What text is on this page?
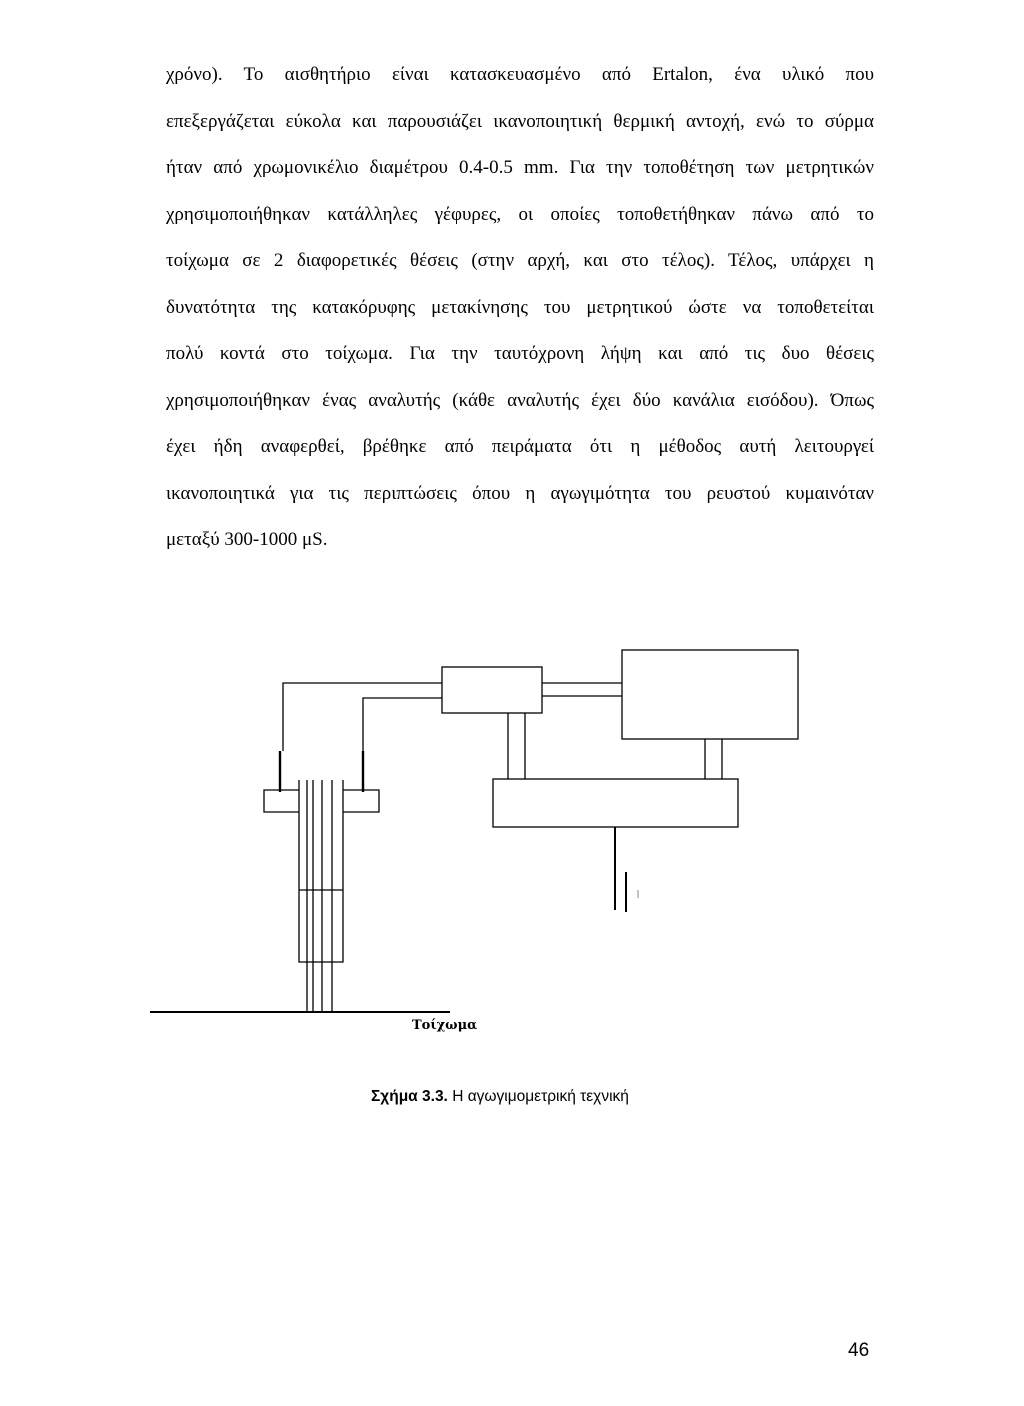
χρόνο). Το αισθητήριο είναι κατασκευασμένο από Ertalon, ένα υλικό που
επεξεργάζεται εύκολα και παρουσιάζει ικανοποιητική θερμική αντοχή, ενώ το σύρμα
ήταν από χρωμονικέλιο διαμέτρου 0.4-0.5 mm. Για την τοποθέτηση των μετρητικών
χρησιμοποιήθηκαν κατάλληλες γέφυρες, οι οποίες τοποθετήθηκαν πάνω από το
τοίχωμα σε 2 διαφορετικές θέσεις (στην αρχή, και στο τέλος). Τέλος, υπάρχει η
δυνατότητα της κατακόρυφης μετακίνησης του μετρητικού ώστε να τοποθετείται
πολύ κοντά στο τοίχωμα. Για την ταυτόχρονη λήψη και από τις δυο θέσεις
χρησιμοποιήθηκαν ένας αναλυτής (κάθε αναλυτής έχει δύο κανάλια εισόδου). Όπως
έχει ήδη αναφερθεί, βρέθηκε από πειράματα ότι η μέθοδος αυτή λειτουργεί
ικανοποιητικά για τις περιπτώσεις όπου η αγωγιμότητα του ρευστού κυμαινόταν
μεταξύ 300-1000 μS.
Τοίχωμα
Σχήμα 3.3. Η αγωγιμομετρική τεχνική
46
